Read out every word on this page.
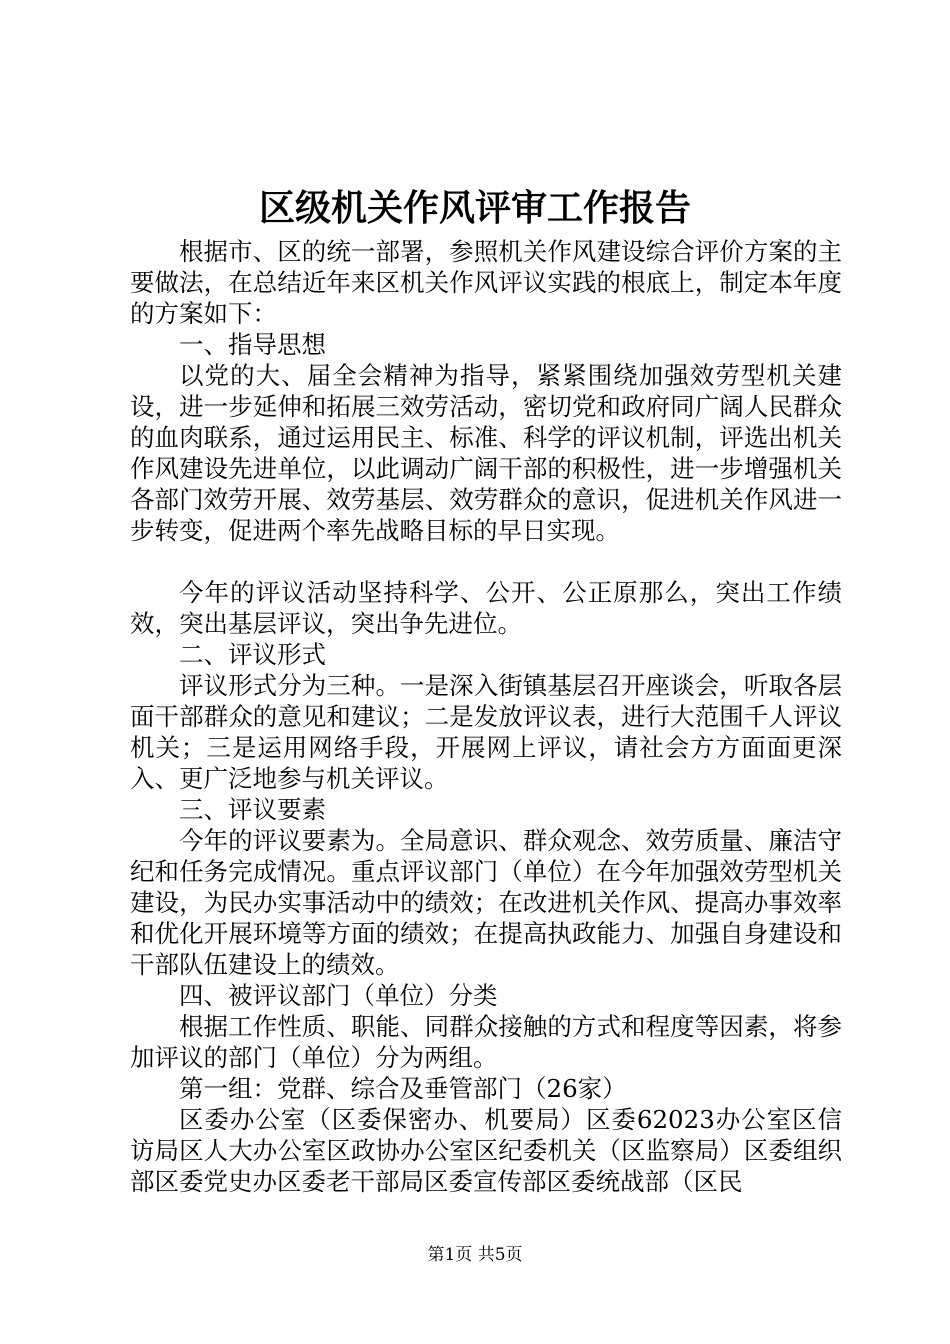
区级机关作风评审工作报告

根据市、区的统一部署，参照机关作风建设综合评价方案的主要做法，在总结近年来区机关作风评议实践的根底上，制定本年度的方案如下：

一、指导思想

以党的大、届全会精神为指导，紧紧围绕加强效劳型机关建设，进一步延伸和拓展三效劳活动，密切党和政府同广阔人民群众的血肉联系，通过运用民主、标准、科学的评议机制，评选出机关作风建设先进单位，以此调动广阔干部的积极性，进一步增强机关各部门效劳开展、效劳基层、效劳群众的意识，促进机关作风进一步转变，促进两个率先战略目标的早日实现。

今年的评议活动坚持科学、公开、公正原那么，突出工作绩效，突出基层评议，突出争先进位。

二、评议形式

评议形式分为三种。一是深入街镇基层召开座谈会，听取各层面干部群众的意见和建议；二是发放评议表，进行大范围千人评议机关；三是运用网络手段，开展网上评议，请社会方方面面更深入、更广泛地参与机关评议。

三、评议要素

今年的评议要素为。全局意识、群众观念、效劳质量、廉洁守纪和任务完成情况。重点评议部门（单位）在今年加强效劳型机关建设，为民办实事活动中的绩效；在改进机关作风、提高办事效率和优化开展环境等方面的绩效；在提高执政能力、加强自身建设和干部队伍建设上的绩效。

四、被评议部门（单位）分类

根据工作性质、职能、同群众接触的方式和程度等因素，将参加评议的部门（单位）分为两组。

第一组：党群、综合及垂管部门（26家）

区委办公室（区委保密办、机要局）区委62023办公室区信访局区人大办公室区政协办公室区纪委机关（区监察局）区委组织部区委党史办区委老干部局区委宣传部区委统战部（区民

第1页 共5页
